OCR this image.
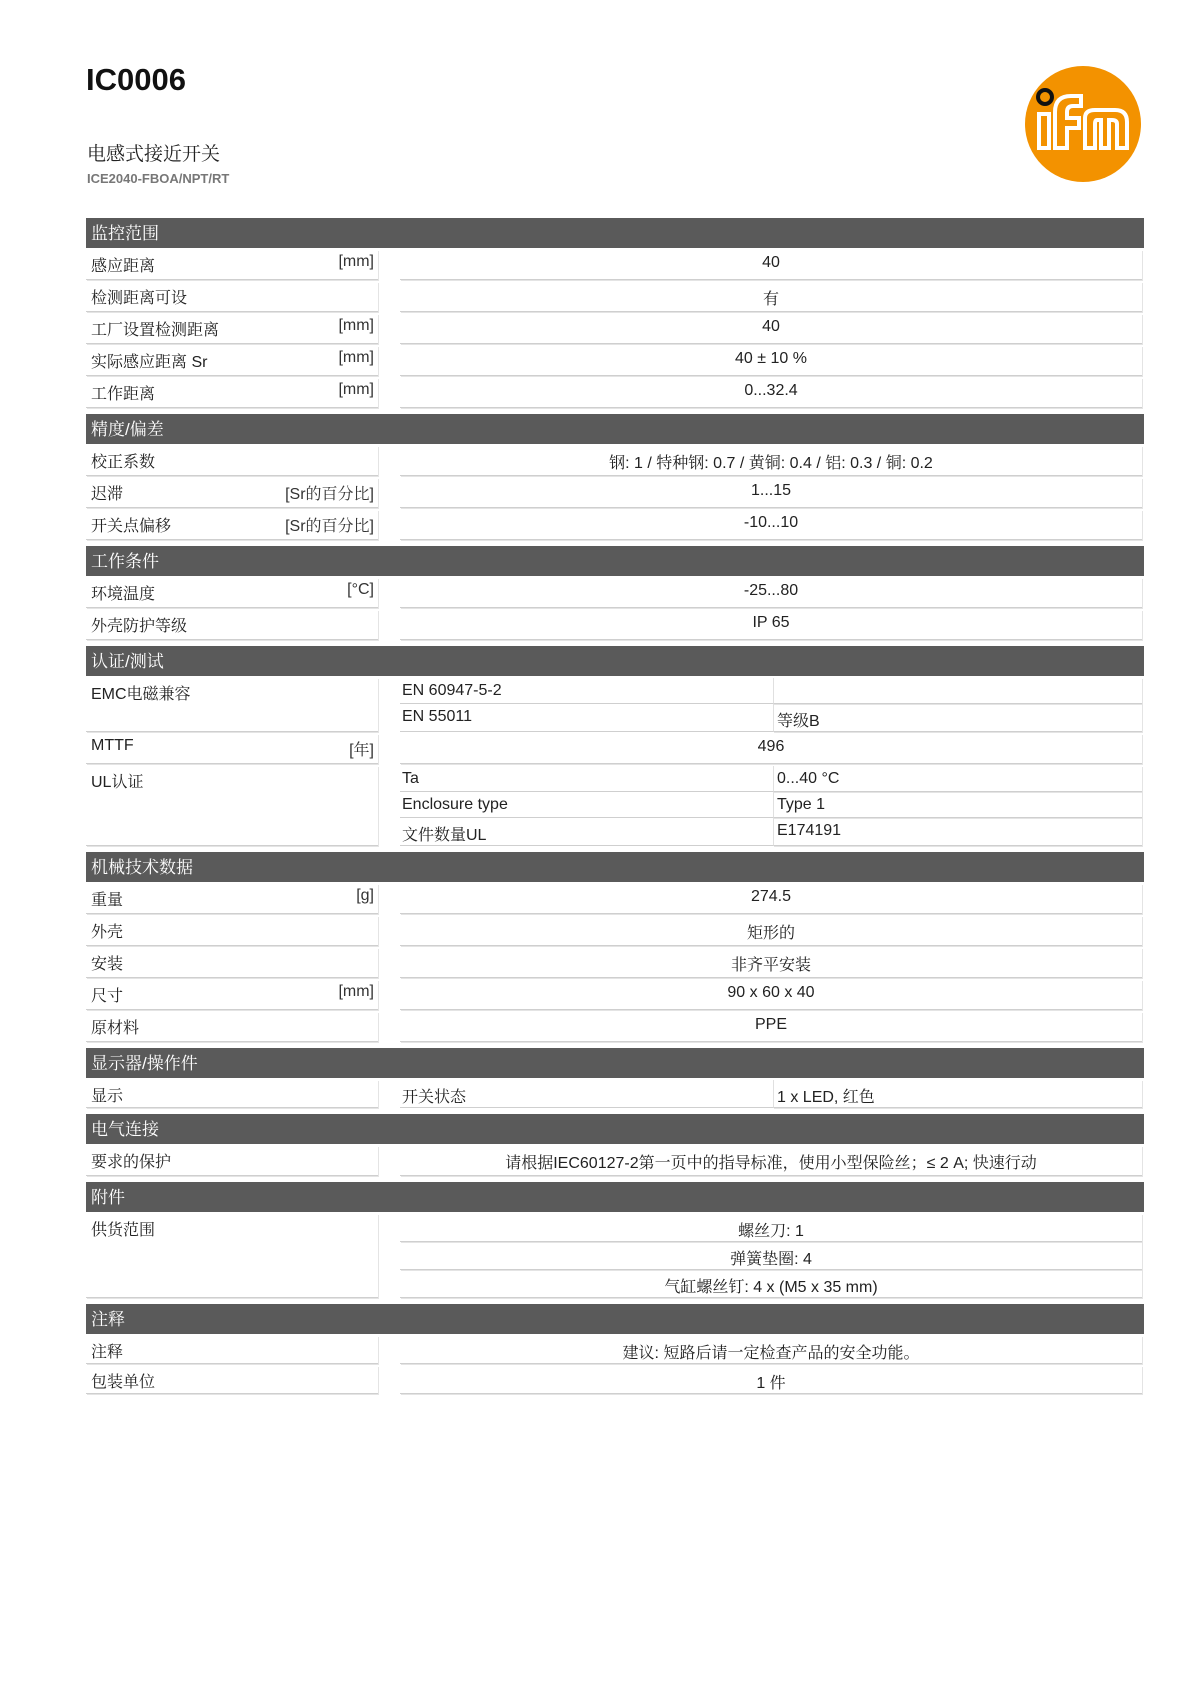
IC0006
电感式接近开关
ICE2040-FBOA/NPT/RT
监控范围
感应距离	[mm]	40
检测距离可设	有
工厂设置检测距离	[mm]	40
实际感应距离 Sr	[mm]	40 ± 10 %
工作距离	[mm]	0...32.4
精度/偏差
校正系数	钢: 1 / 特种钢: 0.7 / 黄铜: 0.4 / 铝: 0.3 / 铜: 0.2
迟滞	[Sr的百分比]	1...15
开关点偏移	[Sr的百分比]	-10...10
工作条件
环境温度	[°C]	-25...80
外壳防护等级	IP 65
认证/测试
EMC电磁兼容	EN 60947-5-2
EN 55011	等级B
MTTF	[年]	496
UL认证	Ta	0...40 °C
Enclosure type	Type 1
文件数量UL	E174191
机械技术数据
重量	[g]	274.5
外壳	矩形的
安装	非齐平安装
尺寸	[mm]	90 x 60 x 40
原材料	PPE
显示器/操作件
显示	开关状态	1 x LED, 红色
电气连接
要求的保护	请根据IEC60127-2第一页中的指导标准，使用小型保险丝；≤ 2 A; 快速行动
附件
供货范围	螺丝刀: 1
弹簧垫圈: 4
气缸螺丝钉: 4 x (M5 x 35 mm)
注释
注释	建议: 短路后请一定检查产品的安全功能。
包装单位	1 件
